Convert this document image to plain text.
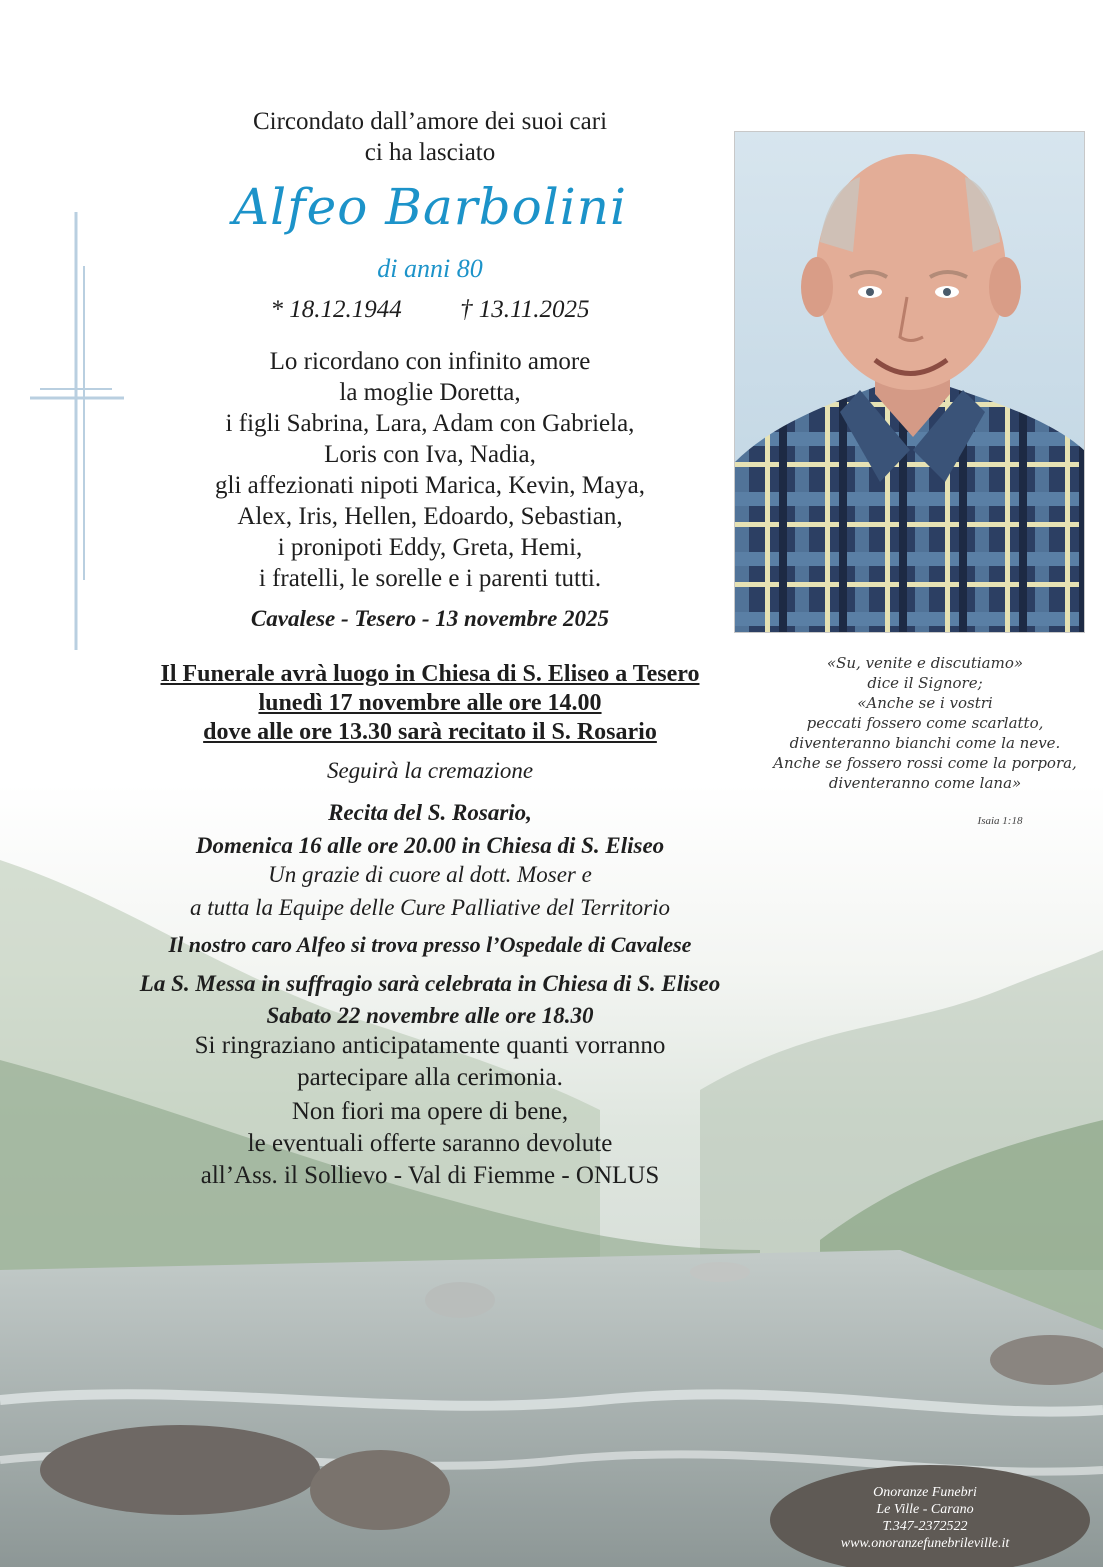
Circondato dall’amore dei suoi cari
ci ha lasciato
Alfeo Barbolini
di anni 80
* 18.12.1944 † 13.11.2025
Lo ricordano con infinito amore
la moglie Doretta,
i figli Sabrina, Lara, Adam con Gabriela,
Loris con Iva, Nadia,
gli affezionati nipoti Marica, Kevin, Maya,
Alex, Iris, Hellen, Edoardo, Sebastian,
i pronipoti Eddy, Greta, Hemi,
i fratelli, le sorelle e i parenti tutti.
Cavalese - Tesero - 13 novembre 2025
Il Funerale avrà luogo in Chiesa di S. Eliseo a Tesero
lunedì 17 novembre alle ore 14.00
dove alle ore 13.30 sarà recitato il S. Rosario
Seguirà la cremazione
Recita del S. Rosario,
Domenica 16 alle ore 20.00 in Chiesa di S. Eliseo
Un grazie di cuore al dott. Moser e
a tutta la Equipe delle Cure Palliative del Territorio
Il nostro caro Alfeo si trova presso l’Ospedale di Cavalese
La S. Messa in suffragio sarà celebrata in Chiesa di S. Eliseo
Sabato 22 novembre alle ore 18.30
Si ringraziano anticipatamente quanti vorranno
partecipare alla cerimonia.
Non fiori ma opere di bene,
le eventuali offerte saranno devolute
all’Ass. il Sollievo - Val di Fiemme - ONLUS
«Su, venite e discutiamo»
dice il Signore;
«Anche se i vostri
peccati fossero come scarlatto,
diventeranno bianchi come la neve.
Anche se fossero rossi come la porpora,
diventeranno come lana»
Isaia 1:18
Onoranze Funebri
Le Ville - Carano
T.347-2372522
www.onoranzefunebrileville.it
